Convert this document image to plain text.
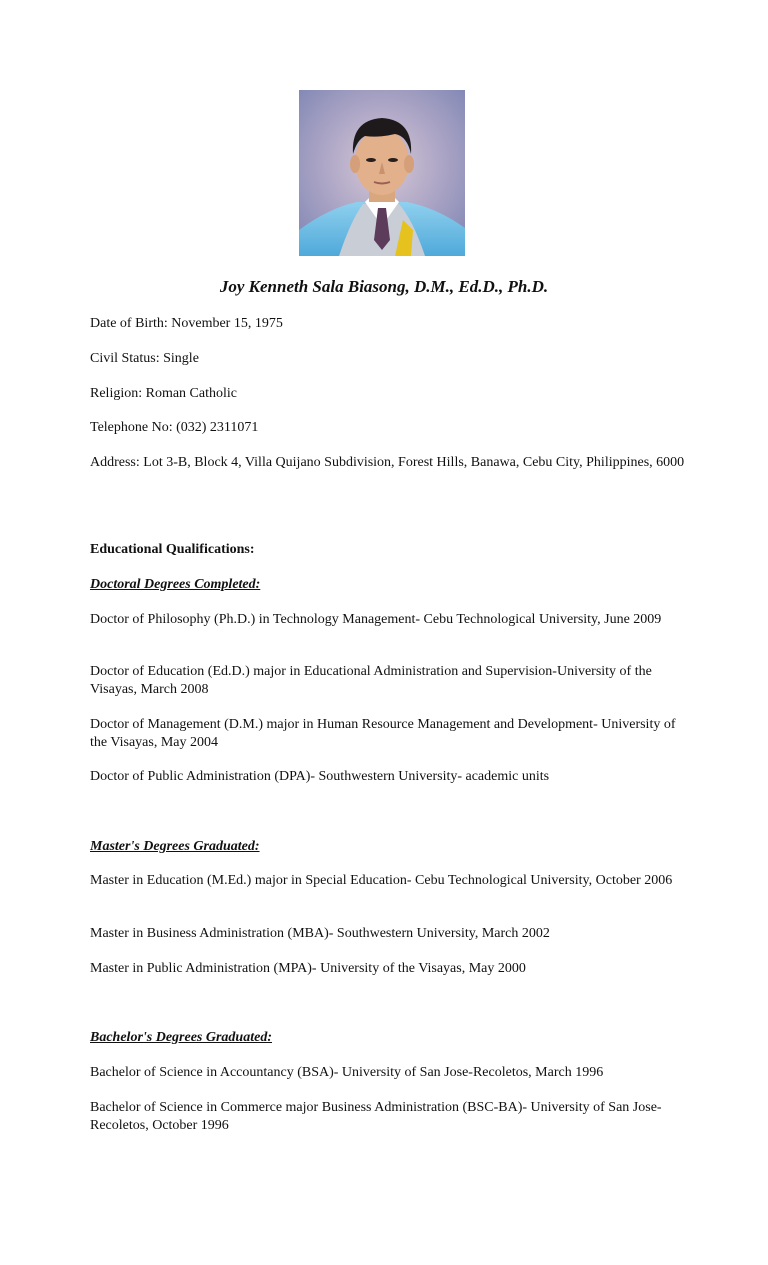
Joy Kenneth Sala Biasong, D.M., Ed.D., Ph.D.
Date of Birth: November 15, 1975
Civil Status: Single
Religion: Roman Catholic
Telephone No: (032) 2311071
Address: Lot 3-B, Block 4, Villa Quijano Subdivision, Forest Hills, Banawa, Cebu City, Philippines, 6000
Educational Qualifications:
Doctoral Degrees Completed:
Doctor of Philosophy (Ph.D.) in Technology Management- Cebu Technological University, June 2009
Doctor of Education (Ed.D.) major in Educational Administration and Supervision-University of the Visayas, March 2008
Doctor of Management (D.M.) major in Human Resource Management and Development- University of the Visayas, May 2004
Doctor of Public Administration (DPA)- Southwestern University- academic units
Master's Degrees Graduated:
Master in Education (M.Ed.) major in Special Education- Cebu Technological University, October 2006
Master in Business Administration (MBA)- Southwestern University, March 2002
Master in Public Administration (MPA)- University of the Visayas, May 2000
Bachelor's Degrees Graduated:
Bachelor of Science in Accountancy (BSA)- University of San Jose-Recoletos, March 1996
Bachelor of Science in Commerce major Business Administration (BSC-BA)- University of San Jose-Recoletos, October 1996
